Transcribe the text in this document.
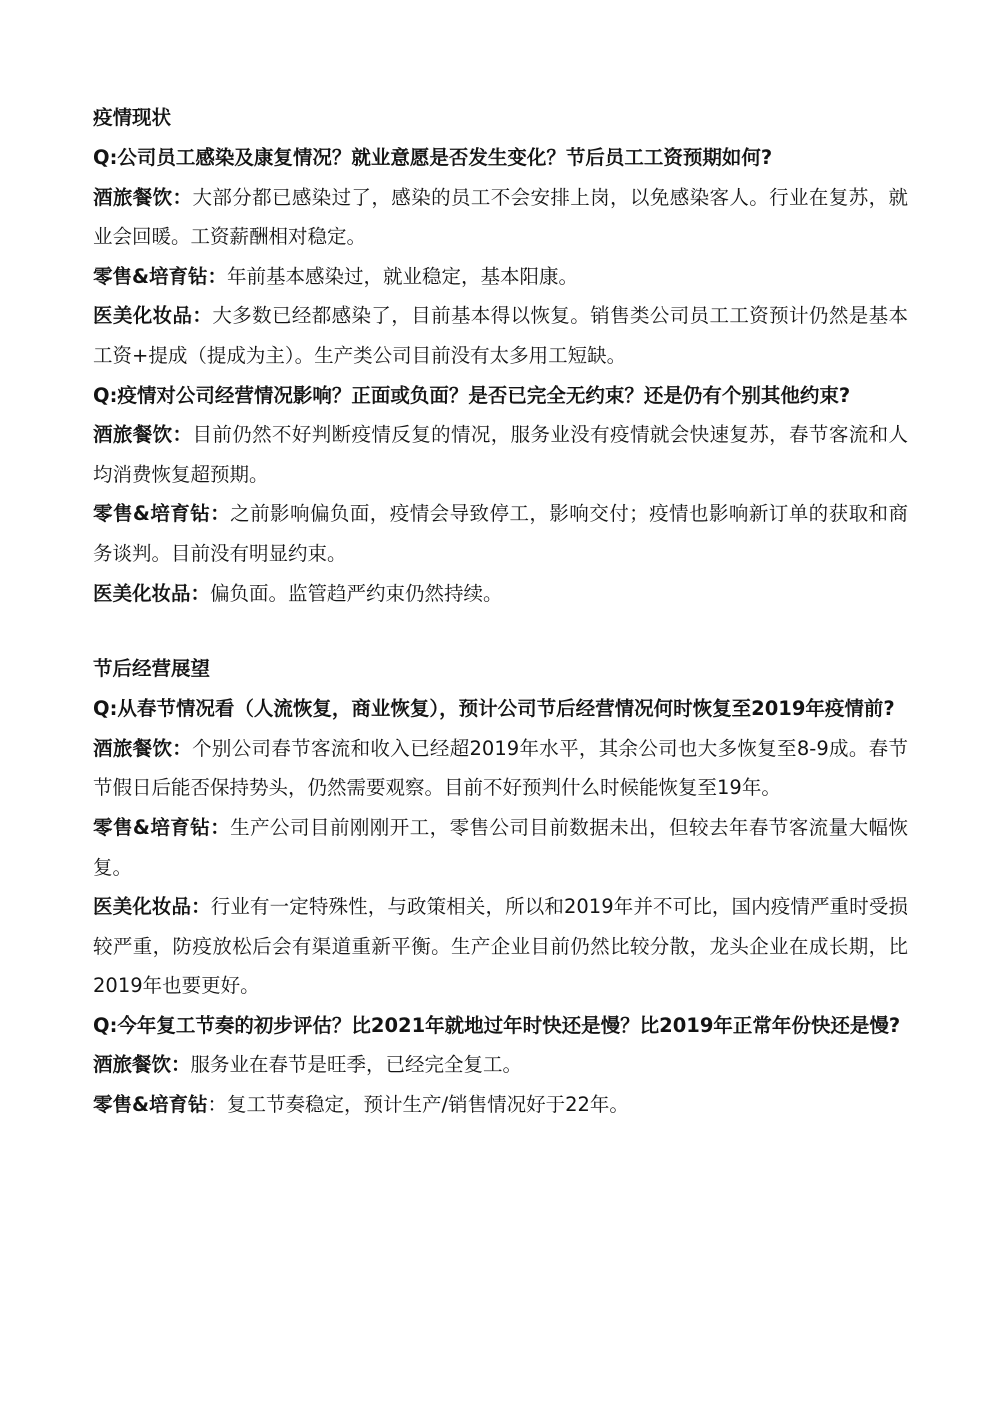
疫情现状
Q:公司员工感染及康复情况？就业意愿是否发生变化？节后员工工资预期如何?
酒旅餐饮：大部分都已感染过了，感染的员工不会安排上岗，以免感染客人。行业在复苏，就业会回暖。工资薪酬相对稳定。
零售&培育钻：年前基本感染过，就业稳定，基本阳康。
医美化妆品：大多数已经都感染了，目前基本得以恢复。销售类公司员工工资预计仍然是基本工资+提成（提成为主）。生产类公司目前没有太多用工短缺。
Q:疫情对公司经营情况影响？正面或负面？是否已完全无约束？还是仍有个别其他约束?
酒旅餐饮：目前仍然不好判断疫情反复的情况，服务业没有疫情就会快速复苏，春节客流和人均消费恢复超预期。
零售&培育钻：之前影响偏负面，疫情会导致停工，影响交付；疫情也影响新订单的获取和商务谈判。目前没有明显约束。
医美化妆品：偏负面。监管趋严约束仍然持续。
节后经营展望
Q:从春节情况看（人流恢复，商业恢复），预计公司节后经营情况何时恢复至2019年疫情前?
酒旅餐饮：个别公司春节客流和收入已经超2019年水平，其余公司也大多恢复至8-9成。春节节假日后能否保持势头，仍然需要观察。目前不好预判什么时候能恢复至19年。
零售&培育钻：生产公司目前刚刚开工，零售公司目前数据未出，但较去年春节客流量大幅恢复。
医美化妆品：行业有一定特殊性，与政策相关，所以和2019年并不可比，国内疫情严重时受损较严重，防疫放松后会有渠道重新平衡。生产企业目前仍然比较分散，龙头企业在成长期，比2019年也要更好。
Q:今年复工节奏的初步评估？比2021年就地过年时快还是慢？比2019年正常年份快还是慢?
酒旅餐饮：服务业在春节是旺季，已经完全复工。
零售&培育钻：复工节奏稳定，预计生产/销售情况好于22年。
